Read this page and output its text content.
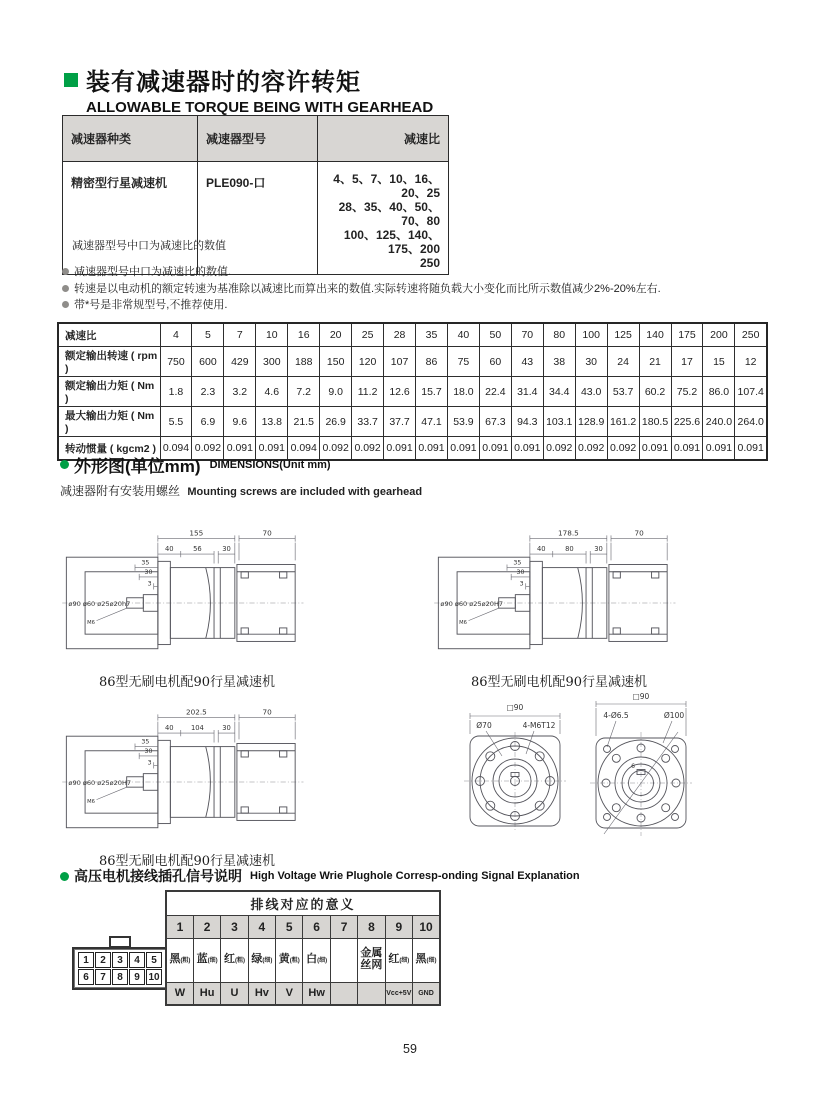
装有减速器时的容许转矩
ALLOWABLE TORQUE BEING WITH GEARHEAD
减速器种类	减速器型号	减速比
精密型行星减速机	PLE090-口	4、5、7、10、16、20、25
28、35、40、50、70、80
100、125、140、175、200
250
减速器型号中口为减速比的数值
减速器型号中口为减速比的数值.
转速是以电动机的额定转速为基准除以减速比而算出来的数值.实际转速将随负载大小变化而比所示数值减少2%-20%左右.
带*号是非常规型号,不推荐使用.
减速比	4	5	7	10	16	20	25	28	35	40	50	70	80	100	125	140	175	200	250
额定输出转速 ( rpm )	750	600	429	300	188	150	120	107	86	75	60	43	38	30	24	21	17	15	12
额定输出力矩 ( Nm )	1.8	2.3	3.2	4.6	7.2	9.0	11.2	12.6	15.7	18.0	22.4	31.4	34.4	43.0	53.7	60.2	75.2	86.0	107.4
最大输出力矩 ( Nm )	5.5	6.9	9.6	13.8	21.5	26.9	33.7	37.7	47.1	53.9	67.3	94.3	103.1	128.9	161.2	180.5	225.6	240.0	264.0
转动惯量 ( kgcm2 )	0.094	0.092	0.091	0.091	0.094	0.092	0.092	0.091	0.091	0.091	0.091	0.091	0.092	0.092	0.092	0.091	0.091	0.091	0.091
外形图(单位mm) DIMENSIONS(Unit mm)
减速器附有安装用螺丝 Mounting screws are included with gearhead
155	70
40	56	30
35
30
3
ø90 ø60 ø25ø20h7
M6
86型无刷电机配90行星减速机
178.5	70
40	80	30
35
30
3
ø90 ø60 ø25ø20H7
M6
86型无刷电机配90行星减速机
202.5	70
40	104	30
35
30
3
ø90 ø60 ø25ø20H7
M6
86型无刷电机配90行星减速机
Ø70	4-M6T12
□90
□90
4-Ø6.5	Ø100
6
高压电机接线插孔信号说明 High Voltage Wrie Plughole Corresp-onding Signal Explanation
1	2	3	4	5
6	7	8	9 10
排线对应的意义									
1	2	3	4	5	6	7	8	9	10
黑(粗)	蓝(细)	红(粗)	绿(细)	黄(粗)	白(细)		金属丝网	红(细)	黑(细)
W	Hu	U	Hv	V	Hw			Vcc+5V	GND
59
